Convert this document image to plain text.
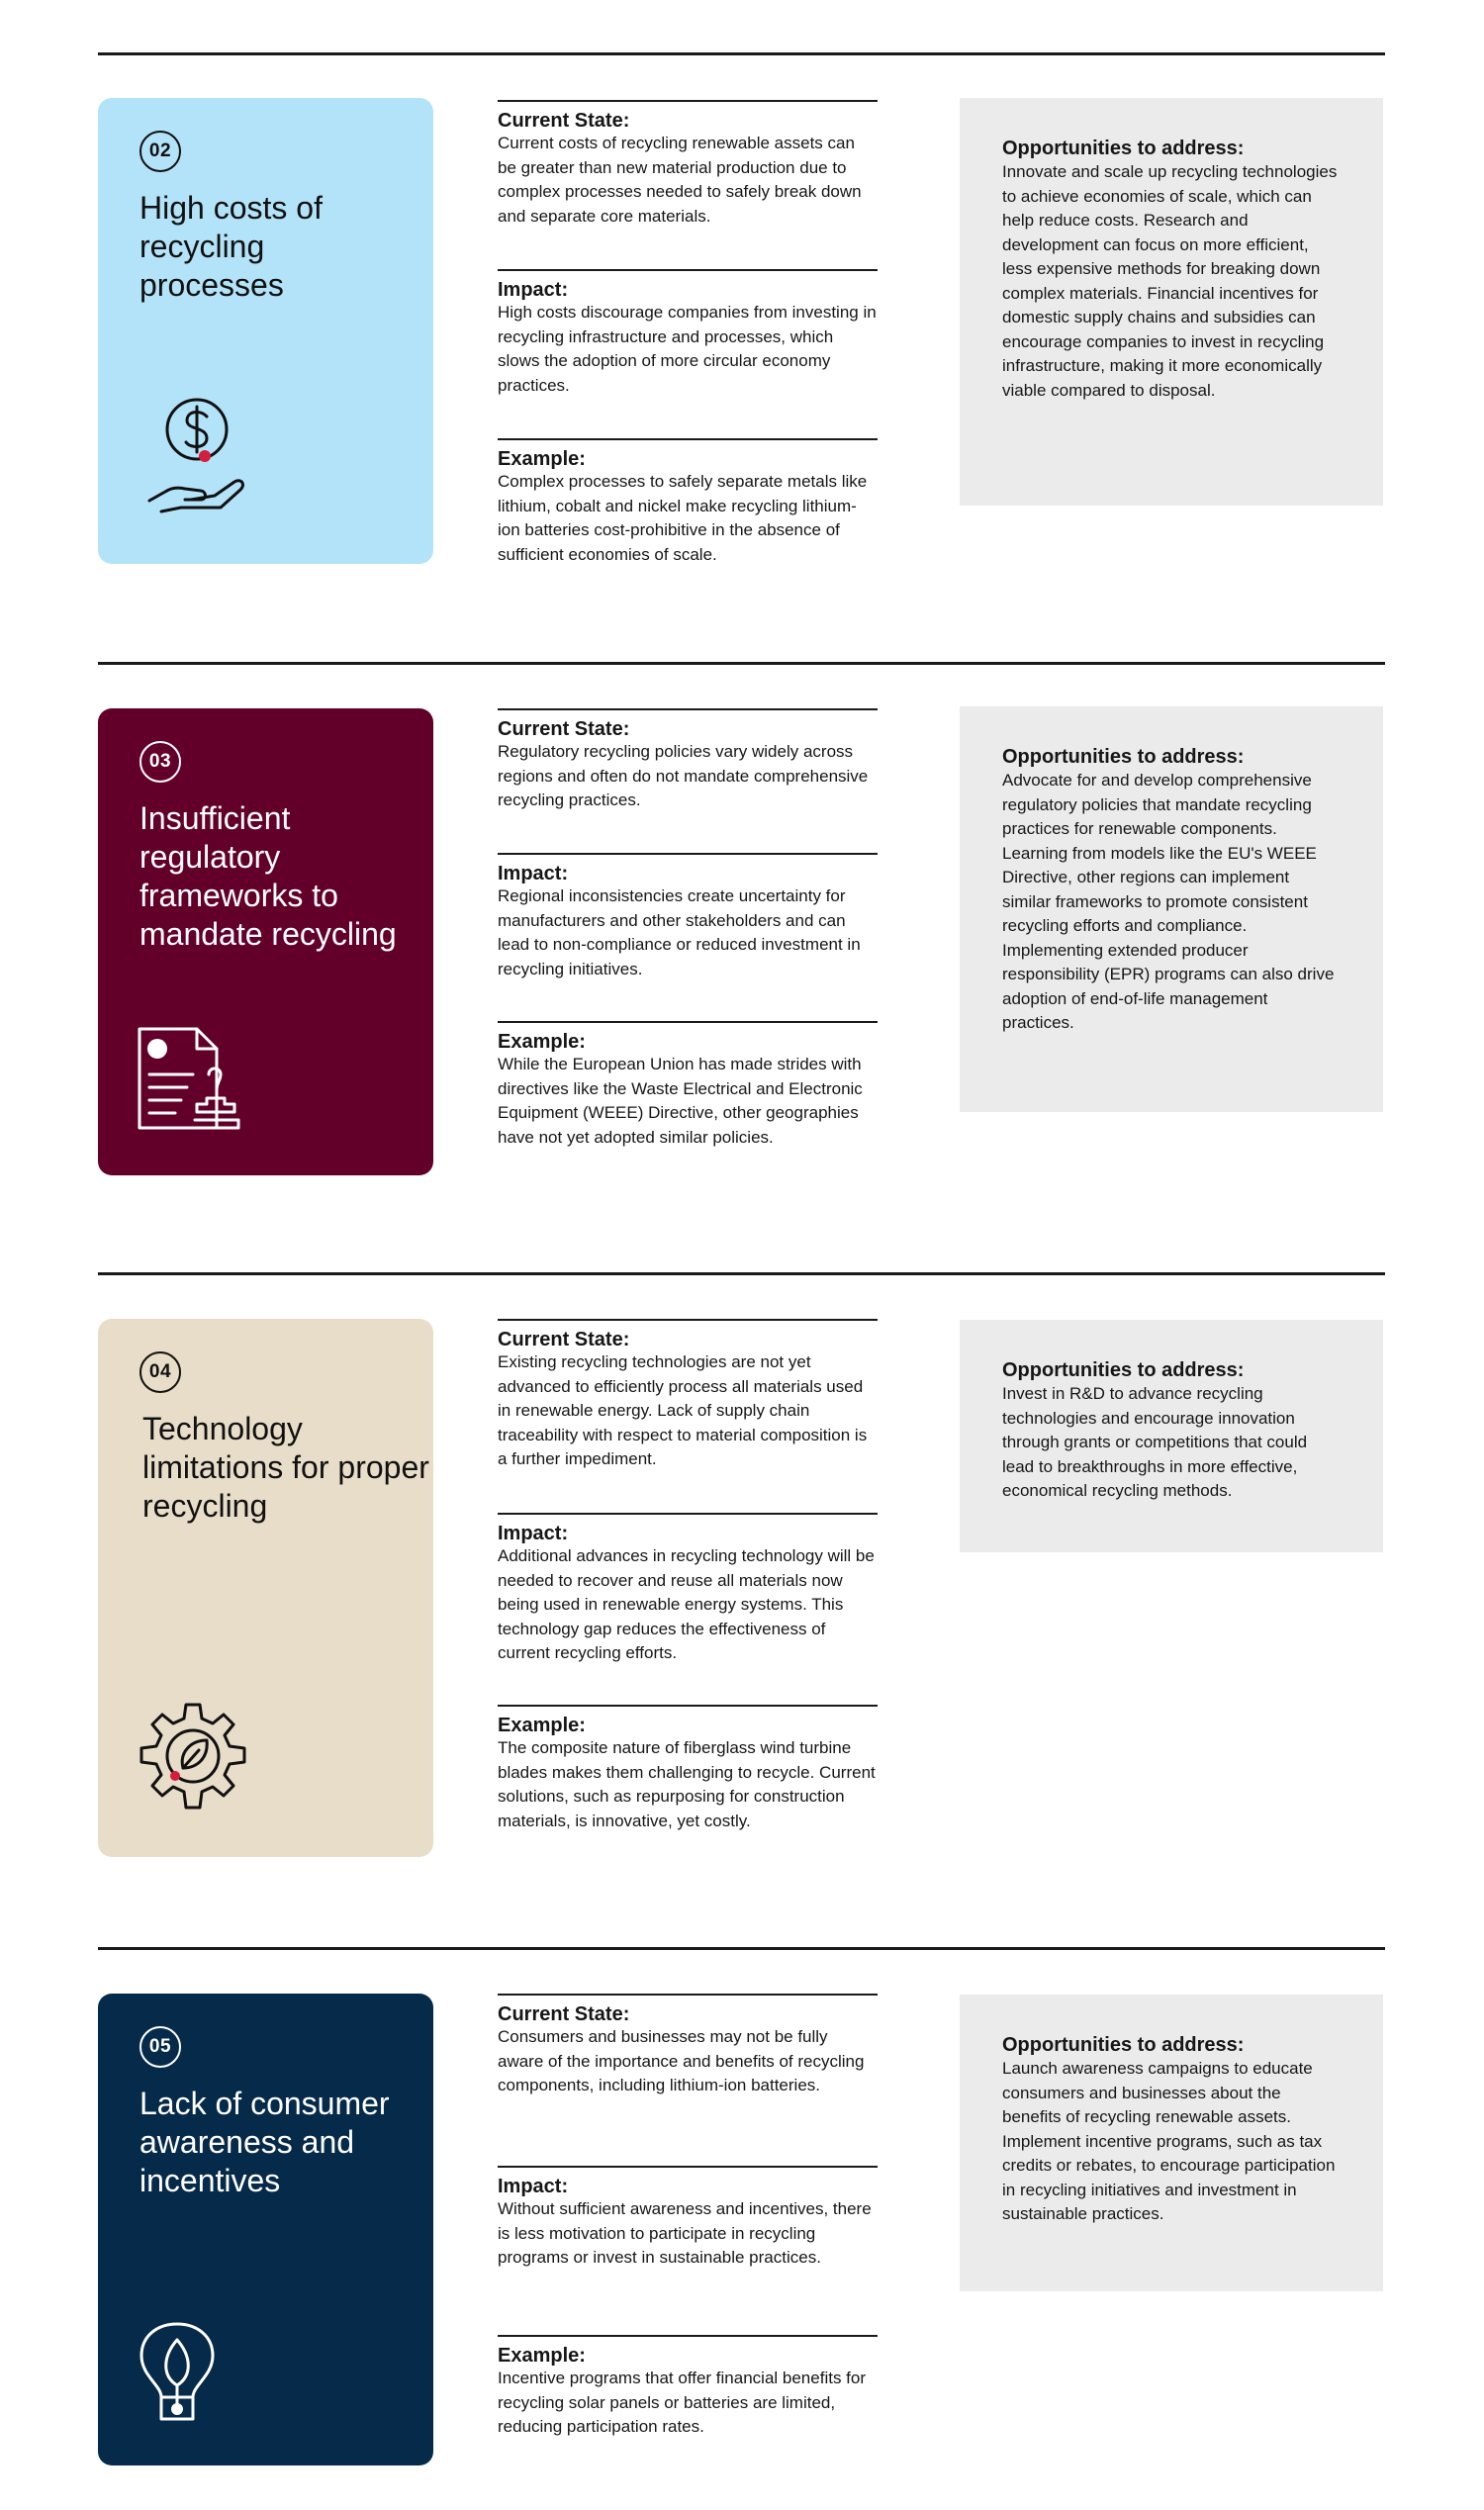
02
High costs of recycling processes
Current State:

Current costs of recycling renewable assets can be greater than new material production due to complex processes needed to safely break down and separate core materials.

Impact:

High costs discourage companies from investing in recycling infrastructure and processes, which slows the adoption of more circular economy practices.

Example:

Complex processes to safely separate metals like lithium, cobalt and nickel make recycling lithium-ion batteries cost-prohibitive in the absence of sufficient economies of scale.

Opportunities to address:

Innovate and scale up recycling technologies to achieve economies of scale, which can help reduce costs. Research and development can focus on more efficient, less expensive methods for breaking down complex materials. Financial incentives for domestic supply chains and subsidies can encourage companies to invest in recycling infrastructure, making it more economically viable compared to disposal.

03
Insufficient regulatory frameworks to mandate recycling
Current State:

Regulatory recycling policies vary widely across regions and often do not mandate comprehensive recycling practices.

Impact:

Regional inconsistencies create uncertainty for manufacturers and other stakeholders and can lead to non-compliance or reduced investment in recycling initiatives.

Example:

While the European Union has made strides with directives like the Waste Electrical and Electronic Equipment (WEEE) Directive, other geographies have not yet adopted similar policies.

Opportunities to address:

Advocate for and develop comprehensive regulatory policies that mandate recycling practices for renewable components. Learning from models like the EU's WEEE Directive, other regions can implement similar frameworks to promote consistent recycling efforts and compliance. Implementing extended producer responsibility (EPR) programs can also drive adoption of end-of-life management practices.

04
Technology limitations for proper recycling
Current State:

Existing recycling technologies are not yet advanced to efficiently process all materials used in renewable energy. Lack of supply chain traceability with respect to material composition is a further impediment.

Impact:

Additional advances in recycling technology will be needed to recover and reuse all materials now being used in renewable energy systems. This technology gap reduces the effectiveness of current recycling efforts.

Example:

The composite nature of fiberglass wind turbine blades makes them challenging to recycle. Current solutions, such as repurposing for construction materials, is innovative, yet costly.

Opportunities to address:

Invest in R&D to advance recycling technologies and encourage innovation through grants or competitions that could lead to breakthroughs in more effective, economical recycling methods.

05
Lack of consumer awareness and incentives
Current State:

Consumers and businesses may not be fully aware of the importance and benefits of recycling components, including lithium-ion batteries.

Impact:

Without sufficient awareness and incentives, there is less motivation to participate in recycling programs or invest in sustainable practices.

Example:

Incentive programs that offer financial benefits for recycling solar panels or batteries are limited, reducing participation rates.

Opportunities to address:

Launch awareness campaigns to educate consumers and businesses about the benefits of recycling renewable assets. Implement incentive programs, such as tax credits or rebates, to encourage participation in recycling initiatives and investment in sustainable practices.
